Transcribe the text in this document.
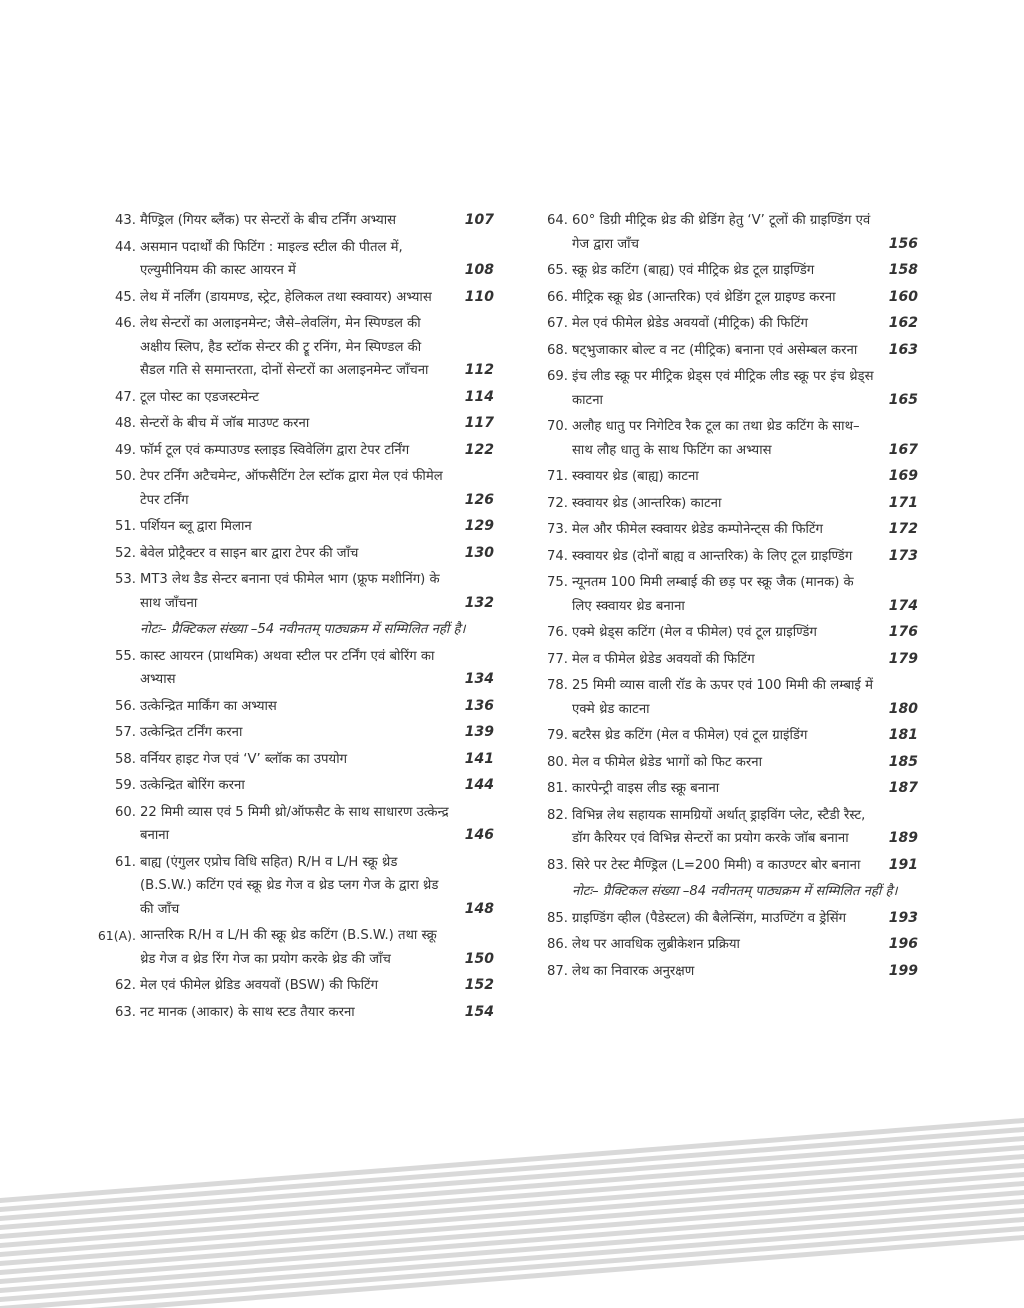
43. मैण्ड्रिल (गियर ब्लैंक) पर सेन्टरों के बीच टर्निंग अभ्यास	107
44. असमान पदार्थों की फिटिंग : माइल्ड स्टील की पीतल में, एल्युमीनियम की कास्ट आयरन में	108
45. लेथ में नर्लिंग (डायमण्ड, स्ट्रेट, हेलिकल तथा स्क्वायर) अभ्यास	110
46. लेथ सेन्टरों का अलाइनमेन्ट; जैसे–लेवलिंग, मेन स्पिण्डल की अक्षीय स्लिप, हैड स्टॉक सेन्टर की ट्रू रनिंग, मेन स्पिण्डल की सैडल गति से समान्तरता, दोनों सेन्टरों का अलाइनमेन्ट जाँचना	112
47. टूल पोस्ट का एडजस्टमेन्ट	114
48. सेन्टरों के बीच में जॉब माउण्ट करना	117
49. फॉर्म टूल एवं कम्पाउण्ड स्लाइड स्विवेलिंग द्वारा टेपर टर्निंग	122
50. टेपर टर्निंग अटैचमेन्ट, ऑफसैटिंग टेल स्टॉक द्वारा मेल एवं फीमेल टेपर टर्निंग	126
51. पर्शियन ब्लू द्वारा मिलान	129
52. बेवेल प्रोट्रैक्टर व साइन बार द्वारा टेपर की जाँच	130
53. MT3 लेथ डैड सेन्टर बनाना एवं फीमेल भाग (फ्रूफ मशीनिंग) के साथ जाँचना	132
नोटः– प्रैक्टिकल संख्या –54 नवीनतम् पाठ्यक्रम में सम्मिलित नहीं है।
55. कास्ट आयरन (प्राथमिक) अथवा स्टील पर टर्निंग एवं बोरिंग का अभ्यास	134
56. उत्केन्द्रित मार्किंग का अभ्यास	136
57. उत्केन्द्रित टर्निंग करना	139
58. वर्नियर हाइट गेज एवं ‘V’ ब्लॉक का उपयोग	141
59. उत्केन्द्रित बोरिंग करना	144
60. 22 मिमी व्यास एवं 5 मिमी थ्रो/ऑफसैट के साथ साधारण उत्केन्द्र बनाना	146
61. बाह्य (एंगुलर एप्रोच विधि सहित) R/H व L/H स्क्रू थ्रेड (B.S.W.) कटिंग एवं स्क्रू थ्रेड गेज व थ्रेड प्लग गेज के द्वारा थ्रेड की जाँच	148
61(A). आन्तरिक R/H व L/H की स्क्रू थ्रेड कटिंग (B.S.W.) तथा स्क्रू थ्रेड गेज व थ्रेड रिंग गेज का प्रयोग करके थ्रेड की जाँच	150
62. मेल एवं फीमेल थ्रेडिड अवयवों (BSW) की फिटिंग	152
63. नट मानक (आकार) के साथ स्टड तैयार करना	154
64. 60° डिग्री मीट्रिक थ्रेड की थ्रेडिंग हेतु ‘V’ टूलों की ग्राइण्डिंग एवं गेज द्वारा जाँच	156
65. स्क्रू थ्रेड कटिंग (बाह्य) एवं मीट्रिक थ्रेड टूल ग्राइण्डिंग	158
66. मीट्रिक स्क्रू थ्रेड (आन्तरिक) एवं थ्रेडिंग टूल ग्राइण्ड करना	160
67. मेल एवं फीमेल थ्रेडेड अवयवों (मीट्रिक) की फिटिंग	162
68. षट्भुजाकार बोल्ट व नट (मीट्रिक) बनाना एवं असेम्बल करना	163
69. इंच लीड स्क्रू पर मीट्रिक थ्रेड्स एवं मीट्रिक लीड स्क्रू पर इंच थ्रेड्स काटना	165
70. अलौह धातु पर निगेटिव रैक टूल का तथा थ्रेड कटिंग के साथ–साथ लौह धातु के साथ फिटिंग का अभ्यास	167
71. स्क्वायर थ्रेड (बाह्य) काटना	169
72. स्क्वायर थ्रेड (आन्तरिक) काटना	171
73. मेल और फीमेल स्क्वायर थ्रेडेड कम्पोनेन्ट्स की फिटिंग	172
74. स्क्वायर थ्रेड (दोनों बाह्य व आन्तरिक) के लिए टूल ग्राइण्डिंग	173
75. न्यूनतम 100 मिमी लम्बाई की छड़ पर स्क्रू जैक (मानक) के लिए स्क्वायर थ्रेड बनाना	174
76. एक्मे थ्रेड्स कटिंग (मेल व फीमेल) एवं टूल ग्राइण्डिंग	176
77. मेल व फीमेल थ्रेडेड अवयवों की फिटिंग	179
78. 25 मिमी व्यास वाली रॉड के ऊपर एवं 100 मिमी की लम्बाई में एक्मे थ्रेड काटना	180
79. बटरैस थ्रेड कटिंग (मेल व फीमेल) एवं टूल ग्राइंडिंग	181
80. मेल व फीमेल थ्रेडेड भागों को फिट करना	185
81. कारपेन्ट्री वाइस लीड स्क्रू बनाना	187
82. विभिन्न लेथ सहायक सामग्रियों अर्थात् ड्राइविंग प्लेट, स्टैडी रैस्ट, डॉग कैरियर एवं विभिन्न सेन्टरों का प्रयोग करके जॉब बनाना	189
83. सिरे पर टेस्ट मैण्ड्रिल (L=200 मिमी) व काउण्टर बोर बनाना	191
नोटः– प्रैक्टिकल संख्या –84 नवीनतम् पाठ्यक्रम में सम्मिलित नहीं है।
85. ग्राइण्डिंग व्हील (पैडेस्टल) की बैलेन्सिंग, माउण्टिंग व ड्रेसिंग	193
86. लेथ पर आवधिक लुब्रीकेशन प्रक्रिया	196
87. लेथ का निवारक अनुरक्षण	199
